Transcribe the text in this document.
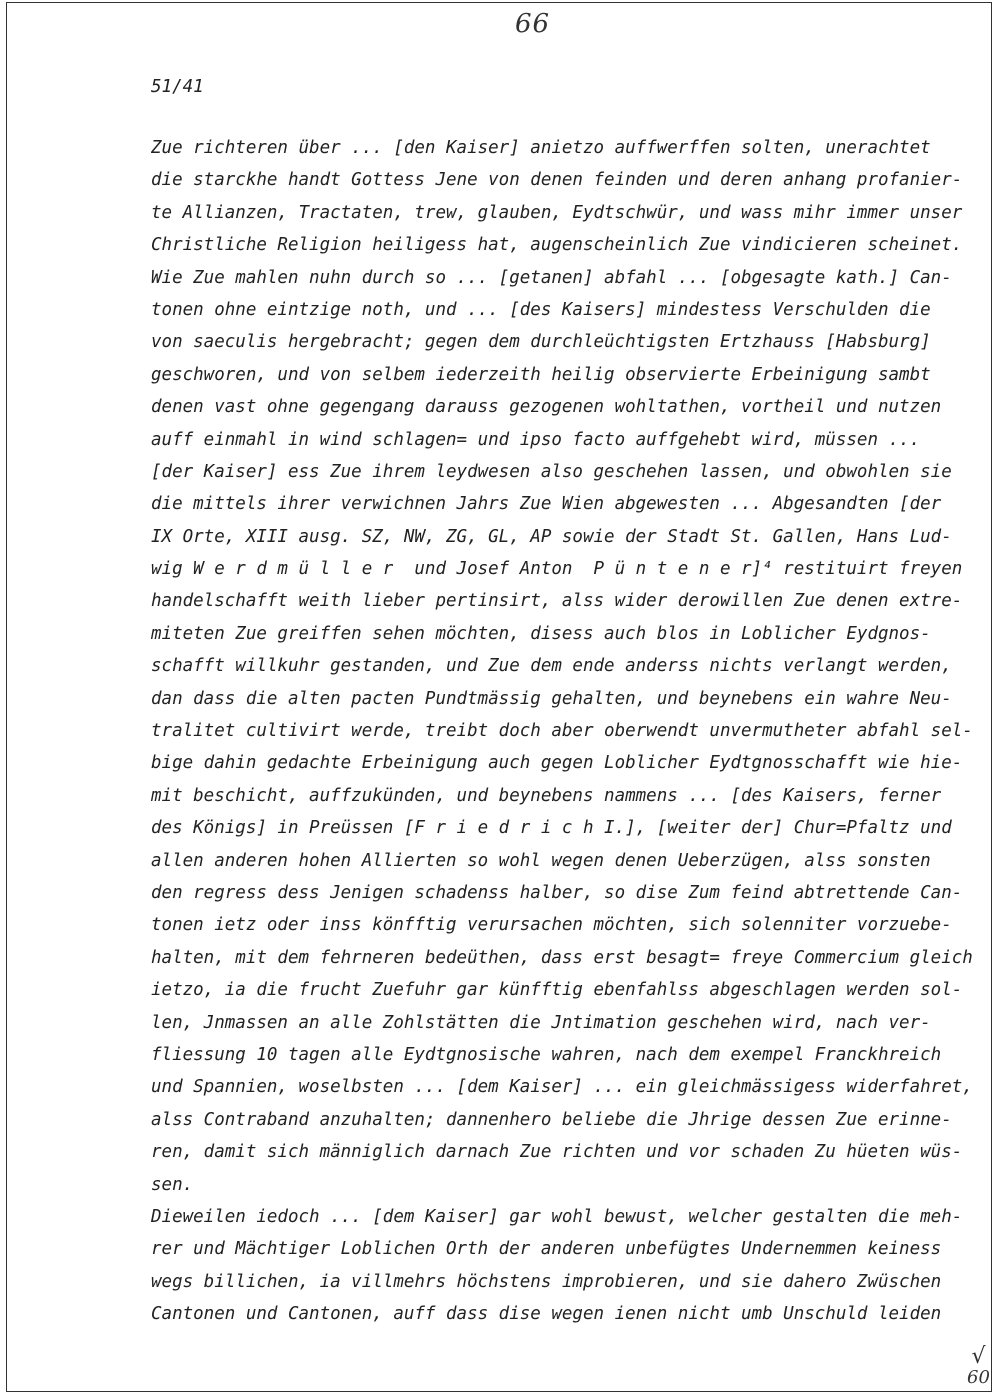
66
51/41
Zue richteren über ... [den Kaiser] anietzo auffwerffen solten, unerachtet
die starckhe handt Gottess Jene von denen feinden und deren anhang profanier-
te Allianzen, Tractaten, trew, glauben, Eydtschwür, und wass mihr immer unser
Christliche Religion heiligess hat, augenscheinlich Zue vindicieren scheinet.
Wie Zue mahlen nuhn durch so ... [getanen] abfahl ... [obgesagte kath.] Can-
tonen ohne eintzige noth, und ... [des Kaisers] mindestess Verschulden die
von saeculis hergebracht; gegen dem durchleüchtigsten Ertzhauss [Habsburg]
geschworen, und von selbem iederzeith heilig observierte Erbeinigung sambt
denen vast ohne gegengang darauss gezogenen wohltathen, vortheil und nutzen
auff einmahl in wind schlagen= und ipso facto auffgehebt wird, müssen ...
[der Kaiser] ess Zue ihrem leydwesen also geschehen lassen, und obwohlen sie
die mittels ihrer verwichnen Jahrs Zue Wien abgewesten ... Abgesandten [der
IX Orte, XIII ausg. SZ, NW, ZG, GL, AP sowie der Stadt St. Gallen, Hans Lud-
wig W e r d m ü l l e r  und Josef Anton  P ü n t e n e r]⁴ restituirt freyen
handelschafft weith lieber pertinsirt, alss wider derowillen Zue denen extre-
miteten Zue greiffen sehen möchten, disess auch blos in Loblicher Eydgnos-
schafft willkuhr gestanden, und Zue dem ende anderss nichts verlangt werden,
dan dass die alten pacten Pundtmässig gehalten, und beynebens ein wahre Neu-
tralitet cultivirt werde, treibt doch aber oberwendt unvermutheter abfahl sel-
bige dahin gedachte Erbeinigung auch gegen Loblicher Eydtgnosschafft wie hie-
mit beschicht, auffzukünden, und beynebens nammens ... [des Kaisers, ferner
des Königs] in Preüssen [F r i e d r i c h I.], [weiter der] Chur=Pfaltz und
allen anderen hohen Allierten so wohl wegen denen Ueberzügen, alss sonsten
den regress dess Jenigen schadenss halber, so dise Zum feind abtrettende Can-
tonen ietz oder inss könfftig verursachen möchten, sich solenniter vorzuebe-
halten, mit dem fehrneren bedeüthen, dass erst besagt= freye Commercium gleich
ietzo, ia die frucht Zuefuhr gar künfftig ebenfahlss abgeschlagen werden sol-
len, Jnmassen an alle Zohlstätten die Jntimation geschehen wird, nach ver-
fliessung 10 tagen alle Eydtgnosische wahren, nach dem exempel Franckhreich
und Spannien, woselbsten ... [dem Kaiser] ... ein gleichmässigess widerfahret,
alss Contraband anzuhalten; dannenhero beliebe die Jhrige dessen Zue erinne-
ren, damit sich männiglich darnach Zue richten und vor schaden Zu hüeten wüs-
sen.
Dieweilen iedoch ... [dem Kaiser] gar wohl bewust, welcher gestalten die meh-
rer und Mächtiger Loblichen Orth der anderen unbefügtes Undernemmen keiness
wegs billichen, ia villmehrs höchstens improbieren, und sie dahero Zwüschen
Cantonen und Cantonen, auff dass dise wegen ienen nicht umb Unschuld leiden
√
60
